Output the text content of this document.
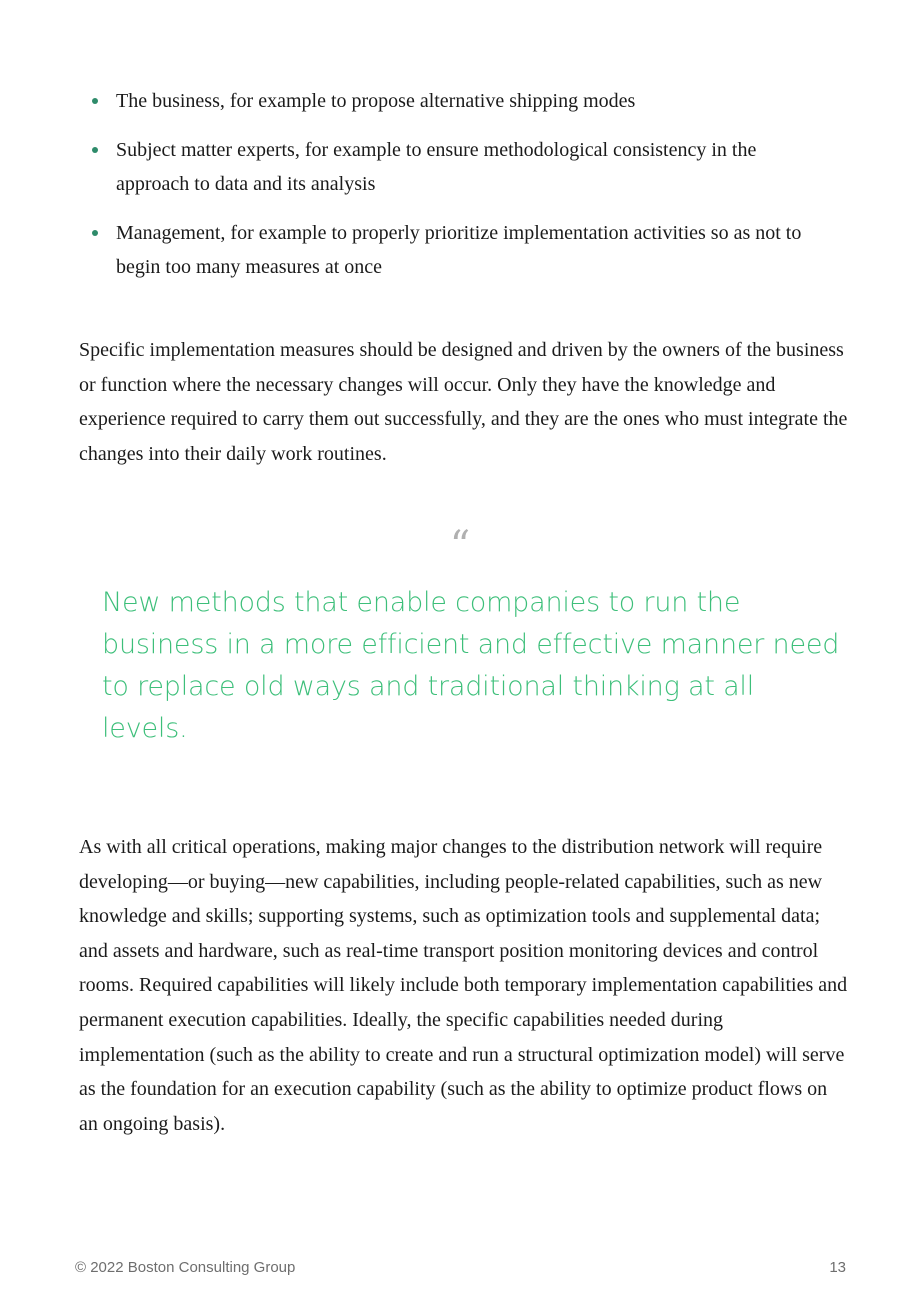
The business, for example to propose alternative shipping modes
Subject matter experts, for example to ensure methodological consistency in the approach to data and its analysis
Management, for example to properly prioritize implementation activities so as not to begin too many measures at once

Specific implementation measures should be designed and driven by the owners of the business or function where the necessary changes will occur. Only they have the knowledge and experience required to carry them out successfully, and they are the ones who must integrate the changes into their daily work routines.

“

New methods that enable companies to run the business in a more efficient and effective manner need to replace old ways and traditional thinking at all levels.

As with all critical operations, making major changes to the distribution network will require developing—or buying—new capabilities, including people-related capabilities, such as new knowledge and skills; supporting systems, such as optimization tools and supplemental data; and assets and hardware, such as real-time transport position monitoring devices and control rooms. Required capabilities will likely include both temporary implementation capabilities and permanent execution capabilities. Ideally, the specific capabilities needed during implementation (such as the ability to create and run a structural optimization model) will serve as the foundation for an execution capability (such as the ability to optimize product flows on an ongoing basis).

© 2022 Boston Consulting Group	13
